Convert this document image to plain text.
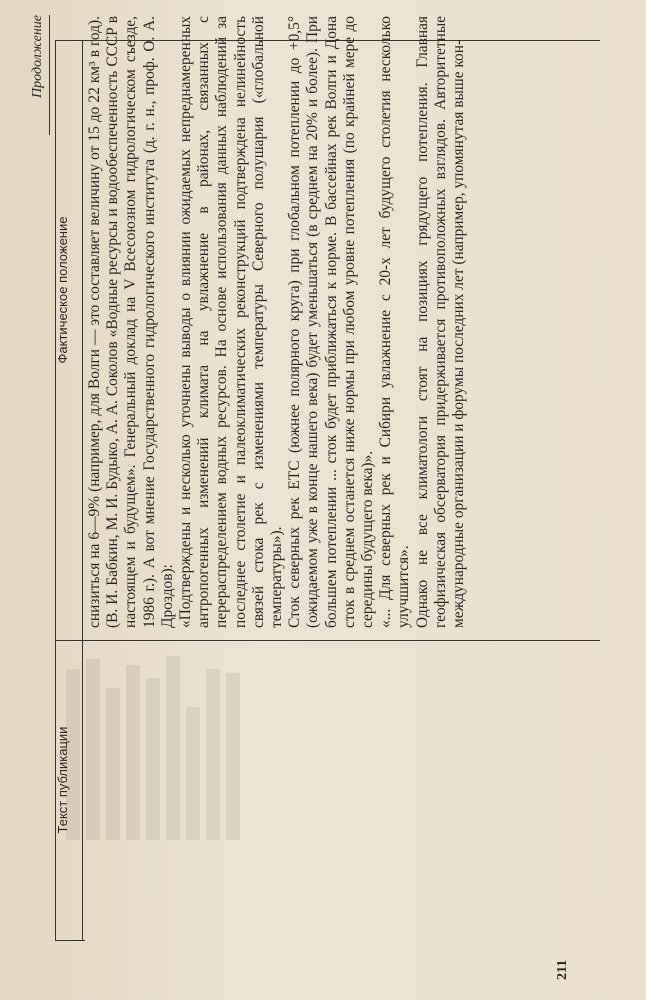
Продолжение
Текст публикации
Фактическое положение снизиться на 6—9% (например, для Волги — это составляет величину от 15 до 22 км³ в год). (В. И. Бабкин, М. И. Будыко, А. А. Соколов «Водные ресурсы и водообеспеченность СССР в настоящем и будущем». Генеральный доклад на V Всесоюзном гидрологическом съезде, 1986 г.). А вот мнение Государственного гидрологического института (д. г. н., проф. О. А. Дроздов): «Подтверждены и несколько уточнены выводы о влиянии ожидаемых непреднамеренных антропогенных изменений климата на увлажнение в районах, связанных с перераспределением водных ресурсов. На основе использования данных наблюдений за последнее столетие и палеоклиматических реконструкций подтверждена нелинейность связей стока рек с изменениями температуры Северного полушария («глобальной температуры»). Сток северных рек ЕТС (южнее полярного круга) при глобальном потеплении до +0,5° (ожидаемом уже в конце нашего века) будет уменьшаться (в среднем на 20% и более). При большем потеплении ... сток будет приближаться к норме. В бассейнах рек Волги и Дона сток в среднем останется ниже нормы при любом уровне потепления (по крайней мере до середины будущего века)». «... Для северных рек и Сибири увлажнение с 20-х лет будущего столетия несколько улучшится». Однако не все климатологи стоят на позициях грядущего потепления. Главная геофизическая обсерватория придерживается противоположных взглядов. Авторитетные международные организации и форумы последних лет (например, упомянутая выше кон-

211
